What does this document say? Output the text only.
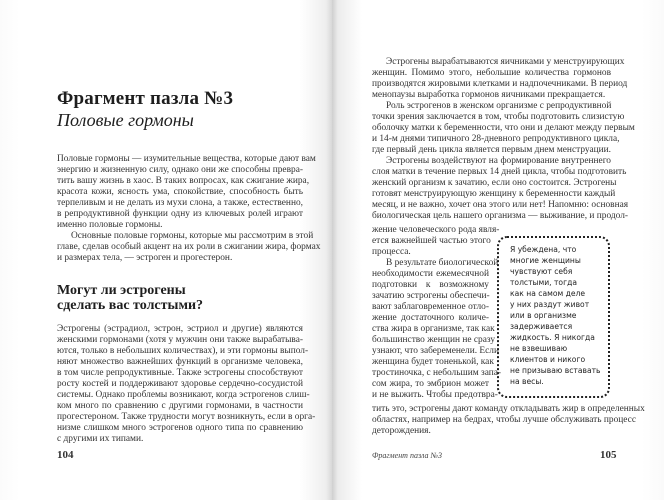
Фрагмент пазла №3
Половые гормоны
Половые гормоны — изумительные вещества, которые дают вам
энергию и жизненную силу, однако они же способны превра-
тить вашу жизнь в хаос. В таких вопросах, как сжигание жира,
красота кожи, ясность ума, спокойствие, способность быть
терпеливым и не делать из мухи слона, а также, естественно,
в репродуктивной функции одну из ключевых ролей играют
именно половые гормоны.
Основные половые гормоны, которые мы рассмотрим в этой
главе, сделав особый акцент на их роли в сжигании жира, формах
и размерах тела, — эстроген и прогестерон.
Могут ли эстрогены
сделать вас толстыми?
Эстрогены (эстрадиол, эстрон, эстриол и другие) являются
женскими гормонами (хотя у мужчин они также вырабатыва-
ются, только в небольших количествах), и эти гормоны выпол-
няют множество важнейших функций в организме человека,
в том числе репродуктивные. Также эстрогены способствуют
росту костей и поддерживают здоровье сердечно-сосудистой
системы. Однако проблемы возникают, когда эстрогенов слиш-
ком много по сравнению с другими гормонами, в частности
прогестероном. Также трудности могут возникнуть, если в орга-
низме слишком много эстрогенов одного типа по сравнению
с другими их типами.
104
Эстрогены вырабатываются яичниками у менструирующих
женщин. Помимо этого, небольшие количества гормонов
производятся жировыми клетками и надпочечниками. В период
менопаузы выработка гормонов яичниками прекращается.
Роль эстрогенов в женском организме с репродуктивной
точки зрения заключается в том, чтобы подготовить слизистую
оболочку матки к беременности, что они и делают между первым
и 14-м днями типичного 28-дневного репродуктивного цикла,
где первый день цикла является первым днем менструации.
Эстрогены воздействуют на формирование внутреннего
слоя матки в течение первых 14 дней цикла, чтобы подготовить
женский организм к зачатию, если оно состоится. Эстрогены
готовят менструирующую женщину к беременности каждый
месяц, и не важно, хочет она этого или нет! Напомню: основная
биологическая цель нашего организма — выживание, и продол-
жение человеческого рода явля-
ется важнейшей частью этого
процесса.
В результате биологической
необходимости ежемесячной
подготовки к возможному
зачатию эстрогены обеспечи-
вают заблаговременное отло-
жение достаточного количе-
ства жира в организме, так как
большинство женщин не сразу
узнают, что забеременели. Если
женщина будет тоненькой, как
тростиночка, с небольшим запа-
сом жира, то эмбрион может
и не выжить. Чтобы предотвра-
тить это, эстрогены дают команду откладывать жир в определенных
областях, например на бедрах, чтобы лучше обслуживать процесс
деторождения.
Я убеждена, что
многие женщины
чувствуют себя
толстыми, тогда
как на самом деле
у них раздут живот
или в организме
задерживается
жидкость. Я никогда
не взвешиваю
клиентов и никого
не призываю вставать
на весы.
Фрагмент пазла №3	105
